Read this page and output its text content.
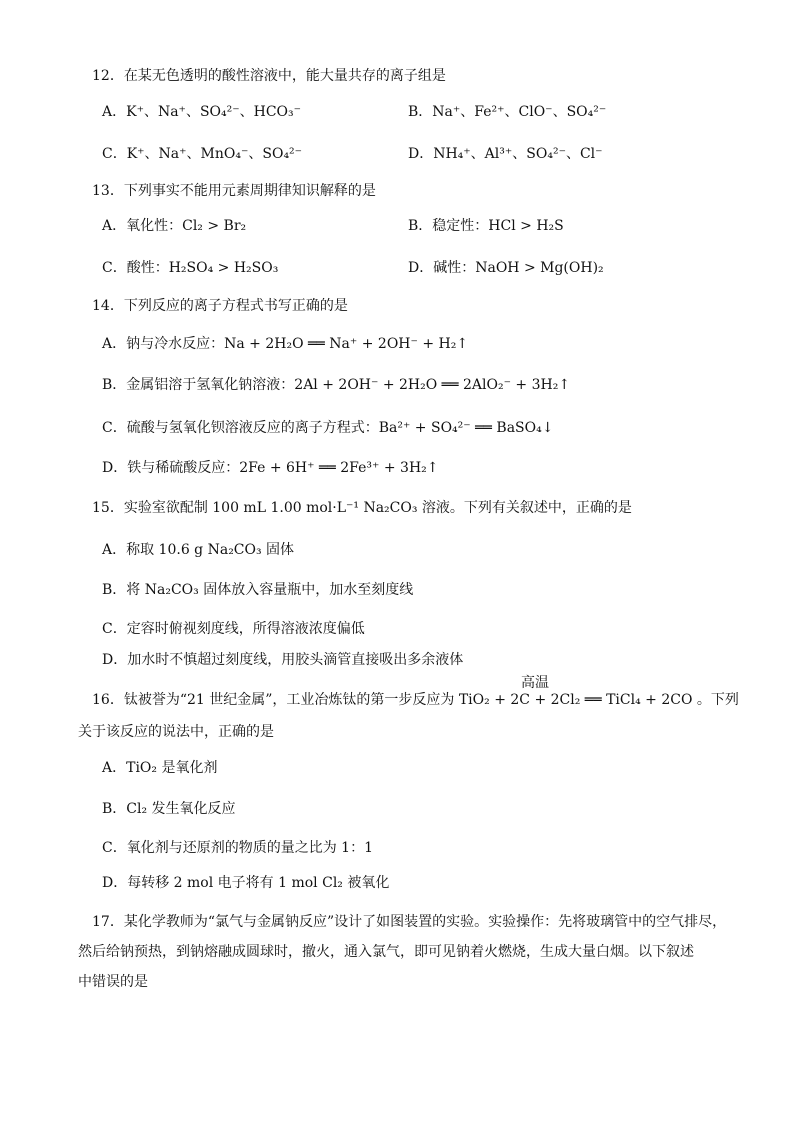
12．在某无色透明的酸性溶液中，能大量共存的离子组是
A．K⁺、Na⁺、SO₄²⁻、HCO₃⁻	B．Na⁺、Fe²⁺、ClO⁻、SO₄²⁻
C．K⁺、Na⁺、MnO₄⁻、SO₄²⁻	D．NH₄⁺、Al³⁺、SO₄²⁻、Cl⁻
13．下列事实不能用元素周期律知识解释的是
A．氧化性：Cl₂ > Br₂	B．稳定性：HCl > H₂S
C．酸性：H₂SO₄ > H₂SO₃	D．碱性：NaOH > Mg(OH)₂
14．下列反应的离子方程式书写正确的是
A．钠与冷水反应：Na + 2H₂O ══ Na⁺ + 2OH⁻ + H₂↑
B．金属铝溶于氢氧化钠溶液：2Al + 2OH⁻ + 2H₂O ══ 2AlO₂⁻ + 3H₂↑
C．硫酸与氢氧化钡溶液反应的离子方程式：Ba²⁺ + SO₄²⁻ ══ BaSO₄↓
D．铁与稀硫酸反应：2Fe + 6H⁺ ══ 2Fe³⁺ + 3H₂↑
15．实验室欲配制 100 mL 1.00 mol·L⁻¹ Na₂CO₃ 溶液。下列有关叙述中，正确的是
A．称取 10.6 g Na₂CO₃ 固体
B．将 Na₂CO₃ 固体放入容量瓶中，加水至刻度线
C．定容时俯视刻度线，所得溶液浓度偏低
D．加水时不慎超过刻度线，用胶头滴管直接吸出多余液体
高温
16．钛被誉为“21 世纪金属”，工业冶炼钛的第一步反应为 TiO₂ + 2C + 2Cl₂ ══ TiCl₄ + 2CO 。下列
关于该反应的说法中，正确的是
A．TiO₂ 是氧化剂
B．Cl₂ 发生氧化反应
C．氧化剂与还原剂的物质的量之比为 1：1
D．每转移 2 mol 电子将有 1 mol Cl₂ 被氧化
17．某化学教师为“氯气与金属钠反应”设计了如图装置的实验。实验操作：先将玻璃管中的空气排尽，
然后给钠预热，到钠熔融成圆球时，撤火，通入氯气，即可见钠着火燃烧，生成大量白烟。以下叙述
中错误的是
